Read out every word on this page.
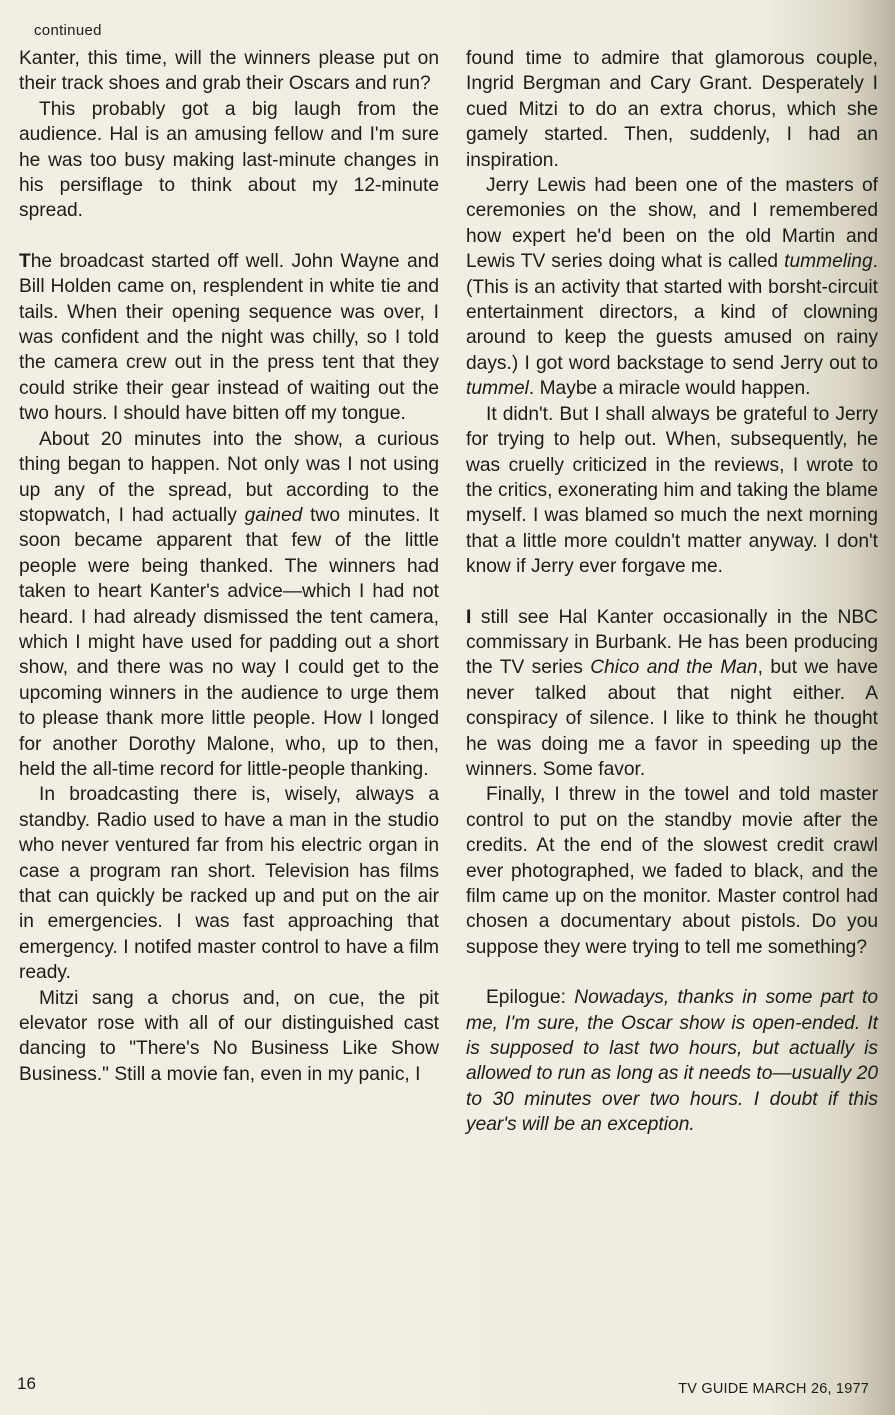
continued

Kanter, this time, will the winners please put on their track shoes and grab their Oscars and run?

This probably got a big laugh from the audience. Hal is an amusing fellow and I'm sure he was too busy making last-minute changes in his persiflage to think about my 12-minute spread.

The broadcast started off well. John Wayne and Bill Holden came on, resplendent in white tie and tails. When their opening sequence was over, I was confident and the night was chilly, so I told the camera crew out in the press tent that they could strike their gear instead of waiting out the two hours. I should have bitten off my tongue.

About 20 minutes into the show, a curious thing began to happen. Not only was I not using up any of the spread, but according to the stopwatch, I had actually gained two minutes. It soon became apparent that few of the little people were being thanked. The winners had taken to heart Kanter's advice—which I had not heard. I had already dismissed the tent camera, which I might have used for padding out a short show, and there was no way I could get to the upcoming winners in the audience to urge them to please thank more little people. How I longed for another Dorothy Malone, who, up to then, held the all-time record for little-people thanking.

In broadcasting there is, wisely, always a standby. Radio used to have a man in the studio who never ventured far from his electric organ in case a program ran short. Television has films that can quickly be racked up and put on the air in emergencies. I was fast approaching that emergency. I notifed master control to have a film ready.

Mitzi sang a chorus and, on cue, the pit elevator rose with all of our distinguished cast dancing to "There's No Business Like Show Business." Still a movie fan, even in my panic, I

found time to admire that glamorous couple, Ingrid Bergman and Cary Grant. Desperately I cued Mitzi to do an extra chorus, which she gamely started. Then, suddenly, I had an inspiration.

Jerry Lewis had been one of the masters of ceremonies on the show, and I remembered how expert he'd been on the old Martin and Lewis TV series doing what is called tummeling. (This is an activity that started with borsht-circuit entertainment directors, a kind of clowning around to keep the guests amused on rainy days.) I got word backstage to send Jerry out to tummel. Maybe a miracle would happen.

It didn't. But I shall always be grateful to Jerry for trying to help out. When, subsequently, he was cruelly criticized in the reviews, I wrote to the critics, exonerating him and taking the blame myself. I was blamed so much the next morning that a little more couldn't matter anyway. I don't know if Jerry ever forgave me.

I still see Hal Kanter occasionally in the NBC commissary in Burbank. He has been producing the TV series Chico and the Man, but we have never talked about that night either. A conspiracy of silence. I like to think he thought he was doing me a favor in speeding up the winners. Some favor.

Finally, I threw in the towel and told master control to put on the standby movie after the credits. At the end of the slowest credit crawl ever photographed, we faded to black, and the film came up on the monitor. Master control had chosen a documentary about pistols. Do you suppose they were trying to tell me something?

Epilogue: Nowadays, thanks in some part to me, I'm sure, the Oscar show is open-ended. It is supposed to last two hours, but actually is allowed to run as long as it needs to—usually 20 to 30 minutes over two hours. I doubt if this year's will be an exception.

16	TV GUIDE MARCH 26, 1977
